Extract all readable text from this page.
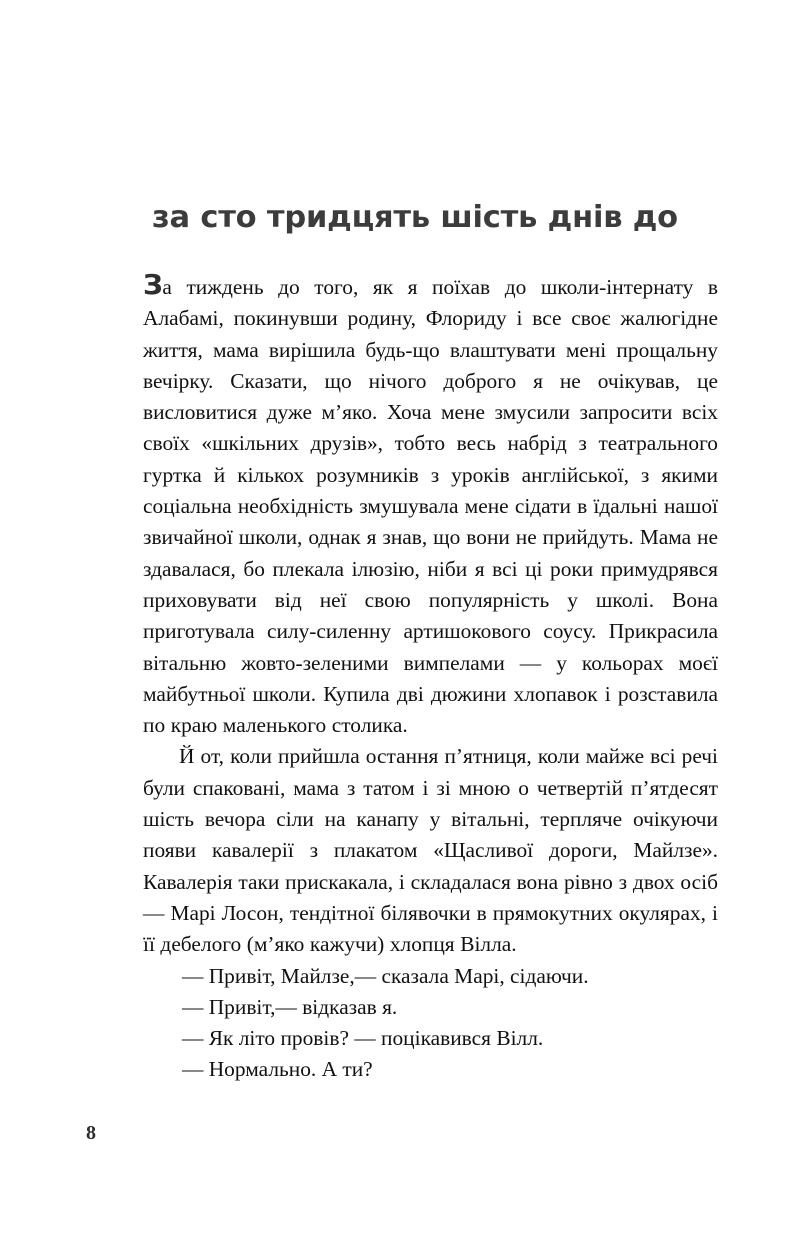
за сто тридцять шість днів до

За тиждень до того, як я поїхав до школи-інтернату в Алабамі, покинувши родину, Флориду і все своє жалюгідне життя, мама вирішила будь-що влаштувати мені прощальну вечірку. Сказати, що нічого доброго я не очікував, це висловитися дуже м’яко. Хоча мене змусили запросити всіх своїх «шкільних друзів», тобто весь набрід з театрального гуртка й кількох розумників з уроків англійської, з якими соціальна необхідність змушувала мене сідати в їдальні нашої звичайної школи, однак я знав, що вони не прийдуть. Мама не здавалася, бо плекала ілюзію, ніби я всі ці роки примудрявся приховувати від неї свою популярність у школі. Вона приготувала силу-силенну артишокового соусу. Прикрасила вітальню жовто-зеленими вимпелами — у кольорах моєї майбутньої школи. Купила дві дюжини хлопавок і розставила по краю маленького столика.

Й от, коли прийшла остання п’ятниця, коли майже всі речі були спаковані, мама з татом і зі мною о четвертій п’ятдесят шість вечора сіли на канапу у вітальні, терпляче очікуючи появи кавалерії з плакатом «Щасливої дороги, Майлзе». Кавалерія таки прискакала, і складалася вона рівно з двох осіб — Марі Лосон, тендітної білявочки в прямокутних окулярах, і її дебелого (м’яко кажучи) хлопця Вілла.

— Привіт, Майлзе,— сказала Марі, сідаючи.

— Привіт,— відказав я.

— Як літо провів? — поцікавився Вілл.

— Нормально. А ти?

8
